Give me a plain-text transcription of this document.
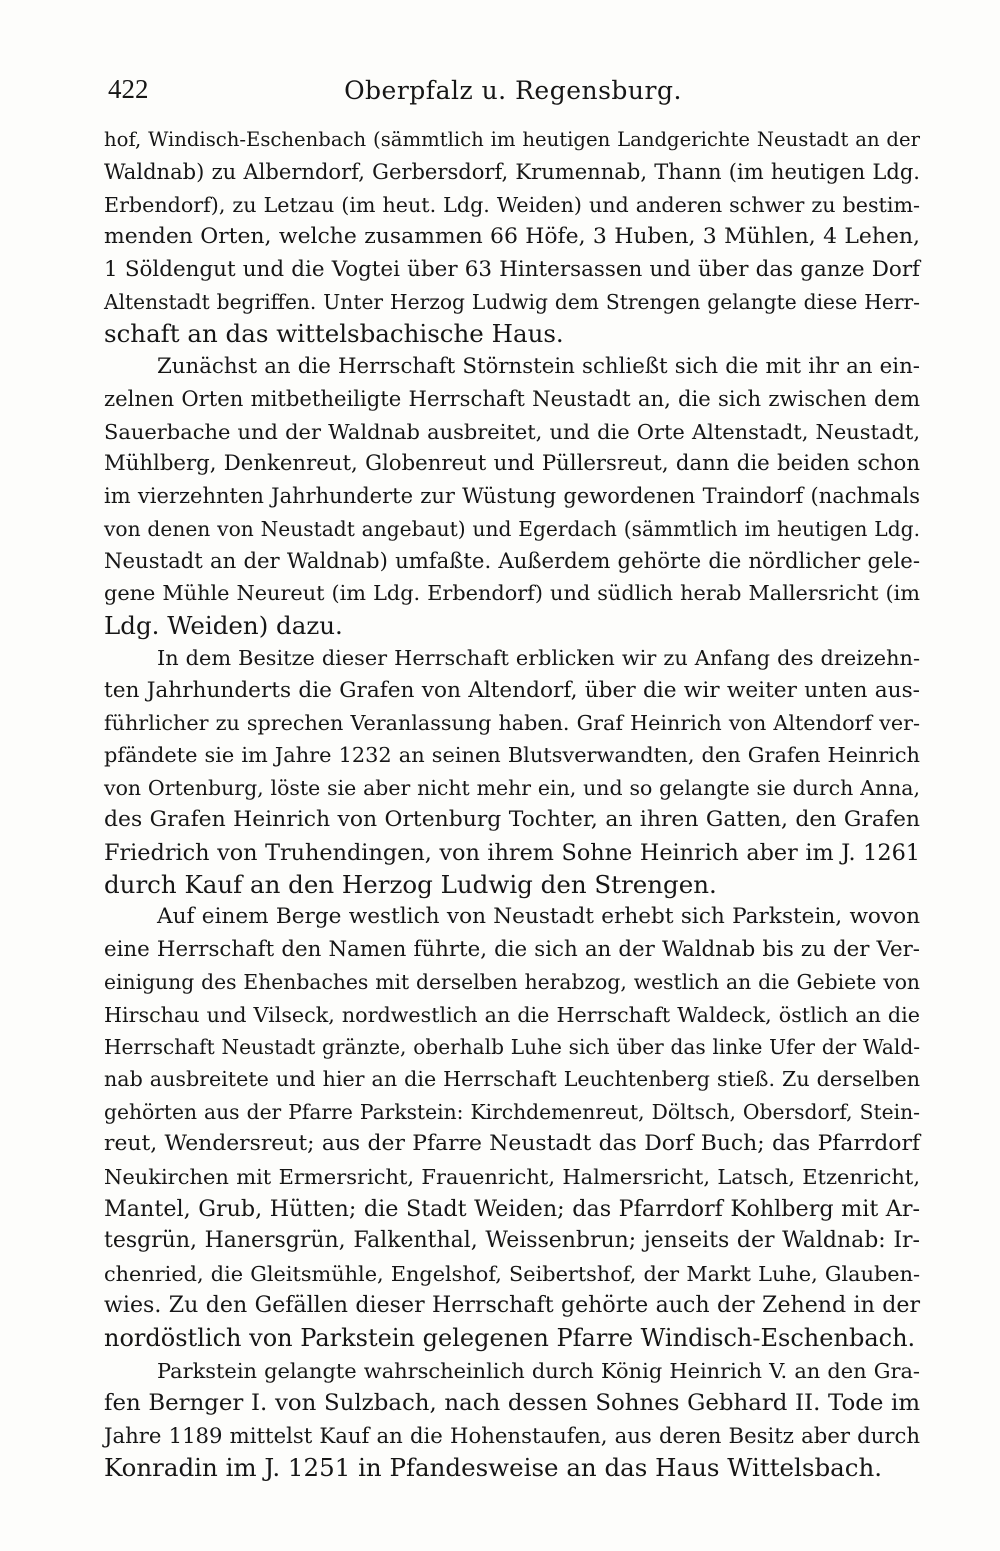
422	Oberpfalz u. Regensburg.
hof, Windisch-Eschenbach (sämmtlich im heutigen Landgerichte Neustadt an der
Waldnab) zu Alberndorf, Gerbersdorf, Krumennab, Thann (im heutigen Ldg.
Erbendorf), zu Letzau (im heut. Ldg. Weiden) und anderen schwer zu bestim-
menden Orten, welche zusammen 66 Höfe, 3 Huben, 3 Mühlen, 4 Lehen,
1 Söldengut und die Vogtei über 63 Hintersassen und über das ganze Dorf
Altenstadt begriffen. Unter Herzog Ludwig dem Strengen gelangte diese Herr-
schaft an das wittelsbachische Haus.
Zunächst an die Herrschaft Störnstein schließt sich die mit ihr an ein-
zelnen Orten mitbetheiligte Herrschaft Neustadt an, die sich zwischen dem
Sauerbache und der Waldnab ausbreitet, und die Orte Altenstadt, Neustadt,
Mühlberg, Denkenreut, Globenreut und Püllersreut, dann die beiden schon
im vierzehnten Jahrhunderte zur Wüstung gewordenen Traindorf (nachmals
von denen von Neustadt angebaut) und Egerdach (sämmtlich im heutigen Ldg.
Neustadt an der Waldnab) umfaßte. Außerdem gehörte die nördlicher gele-
gene Mühle Neureut (im Ldg. Erbendorf) und südlich herab Mallersricht (im
Ldg. Weiden) dazu.
In dem Besitze dieser Herrschaft erblicken wir zu Anfang des dreizehn-
ten Jahrhunderts die Grafen von Altendorf, über die wir weiter unten aus-
führlicher zu sprechen Veranlassung haben. Graf Heinrich von Altendorf ver-
pfändete sie im Jahre 1232 an seinen Blutsverwandten, den Grafen Heinrich
von Ortenburg, löste sie aber nicht mehr ein, und so gelangte sie durch Anna,
des Grafen Heinrich von Ortenburg Tochter, an ihren Gatten, den Grafen
Friedrich von Truhendingen, von ihrem Sohne Heinrich aber im J. 1261
durch Kauf an den Herzog Ludwig den Strengen.
Auf einem Berge westlich von Neustadt erhebt sich Parkstein, wovon
eine Herrschaft den Namen führte, die sich an der Waldnab bis zu der Ver-
einigung des Ehenbaches mit derselben herabzog, westlich an die Gebiete von
Hirschau und Vilseck, nordwestlich an die Herrschaft Waldeck, östlich an die
Herrschaft Neustadt gränzte, oberhalb Luhe sich über das linke Ufer der Wald-
nab ausbreitete und hier an die Herrschaft Leuchtenberg stieß. Zu derselben
gehörten aus der Pfarre Parkstein: Kirchdemenreut, Döltsch, Obersdorf, Stein-
reut, Wendersreut; aus der Pfarre Neustadt das Dorf Buch; das Pfarrdorf
Neukirchen mit Ermersricht, Frauenricht, Halmersricht, Latsch, Etzenricht,
Mantel, Grub, Hütten; die Stadt Weiden; das Pfarrdorf Kohlberg mit Ar-
tesgrün, Hanersgrün, Falkenthal, Weissenbrun; jenseits der Waldnab: Ir-
chenried, die Gleitsmühle, Engelshof, Seibertshof, der Markt Luhe, Glauben-
wies. Zu den Gefällen dieser Herrschaft gehörte auch der Zehend in der
nordöstlich von Parkstein gelegenen Pfarre Windisch-Eschenbach.
Parkstein gelangte wahrscheinlich durch König Heinrich V. an den Gra-
fen Bernger I. von Sulzbach, nach dessen Sohnes Gebhard II. Tode im
Jahre 1189 mittelst Kauf an die Hohenstaufen, aus deren Besitz aber durch
Konradin im J. 1251 in Pfandesweise an das Haus Wittelsbach.
